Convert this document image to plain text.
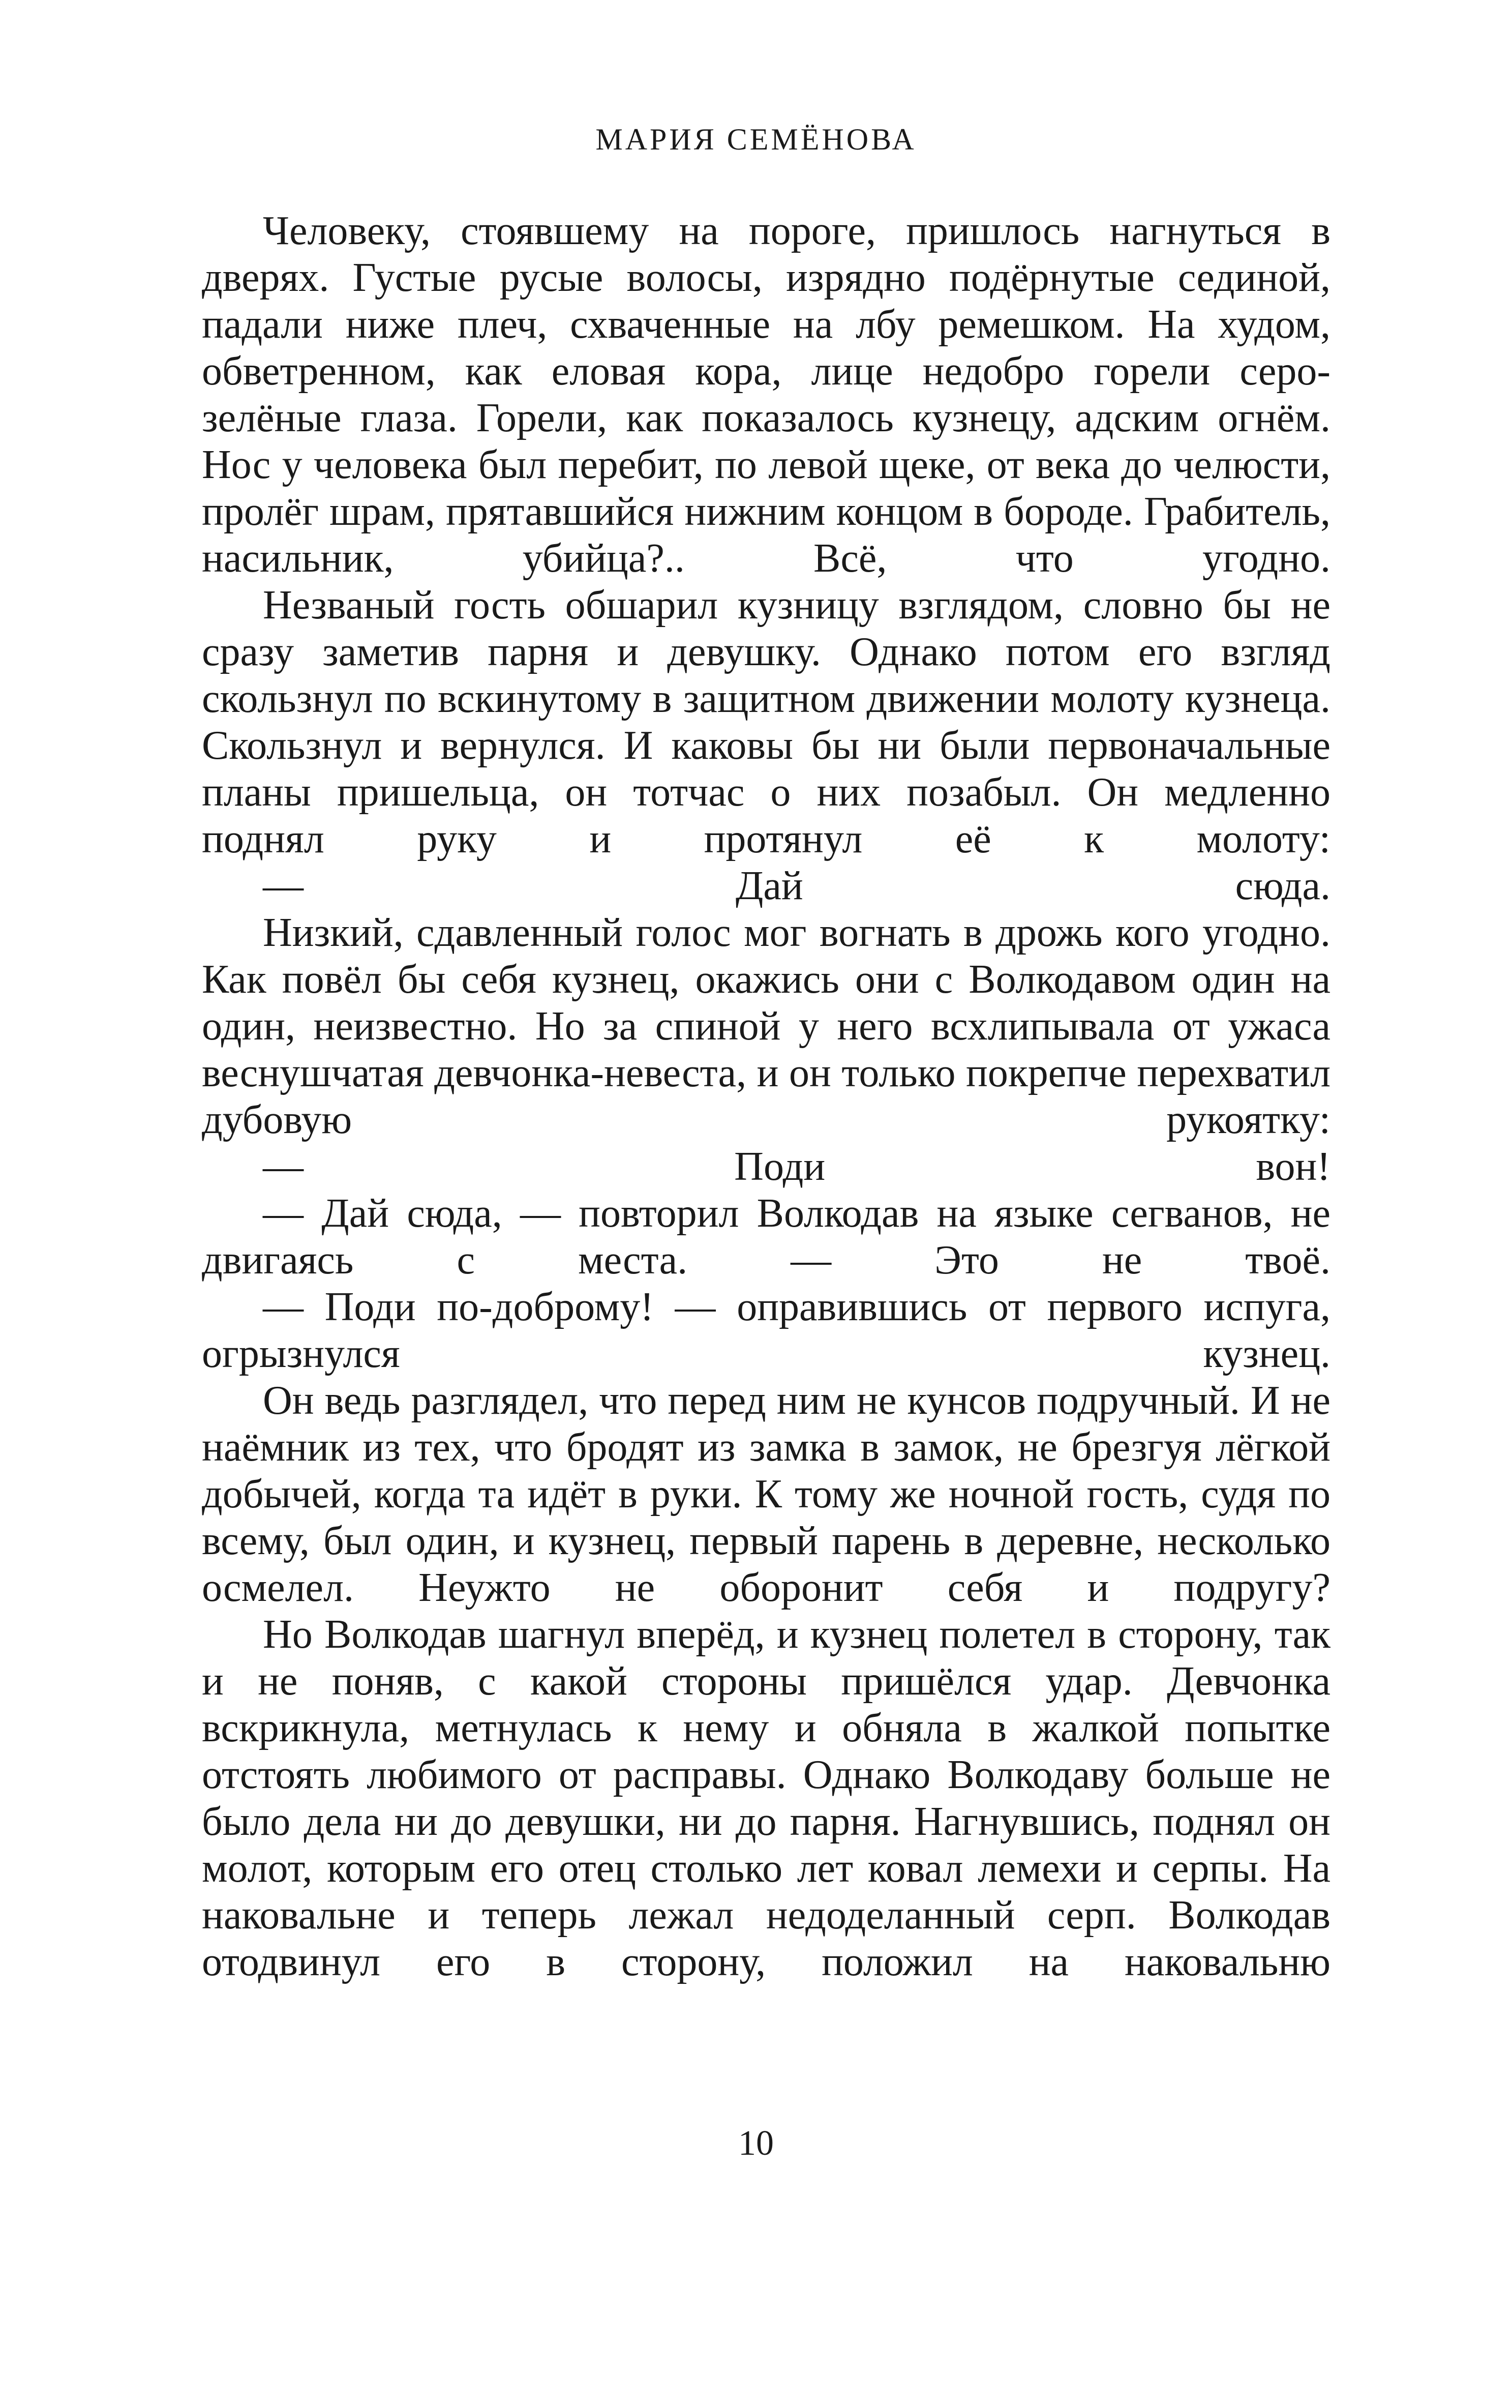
МАРИЯ СЕМЁНОВА

Человеку, стоявшему на пороге, пришлось нагнуться в дверях. Густые русые волосы, изрядно подёрнутые сединой, падали ниже плеч, схваченные на лбу ремешком. На худом, обветренном, как еловая кора, лице недобро горели серо-зелёные глаза. Горели, как показалось кузнецу, адским огнём. Нос у человека был перебит, по левой щеке, от века до челюсти, пролёг шрам, прятавшийся нижним концом в бороде. Грабитель, насильник, убийца?.. Всё, что угодно.

Незваный гость обшарил кузницу взглядом, словно бы не сразу заметив парня и девушку. Однако потом его взгляд скользнул по вскинутому в защитном движении молоту кузнеца. Скользнул и вернулся. И каковы бы ни были первоначальные планы пришельца, он тотчас о них позабыл. Он медленно поднял руку и протянул её к молоту:

— Дай сюда.

Низкий, сдавленный голос мог вогнать в дрожь кого угодно. Как повёл бы себя кузнец, окажись они с Волкодавом один на один, неизвестно. Но за спиной у него всхлипывала от ужаса веснушчатая девчонка-невеста, и он только покрепче перехватил дубовую рукоятку:

— Поди вон!

— Дай сюда, — повторил Волкодав на языке сегванов, не двигаясь с места. — Это не твоё.

— Поди по-доброму! — оправившись от первого испуга, огрызнулся кузнец.

Он ведь разглядел, что перед ним не кунсов подручный. И не наёмник из тех, что бродят из замка в замок, не брезгуя лёгкой добычей, когда та идёт в руки. К тому же ночной гость, судя по всему, был один, и кузнец, первый парень в деревне, несколько осмелел. Неужто не оборонит себя и подругу?

Но Волкодав шагнул вперёд, и кузнец полетел в сторону, так и не поняв, с какой стороны пришёлся удар. Девчонка вскрикнула, метнулась к нему и обняла в жалкой попытке отстоять любимого от расправы. Однако Волкодаву больше не было дела ни до девушки, ни до парня. Нагнувшись, поднял он молот, которым его отец столько лет ковал лемехи и серпы. На наковальне и теперь лежал недоделанный серп. Волкодав отодвинул его в сторону, положил на наковальню

10
